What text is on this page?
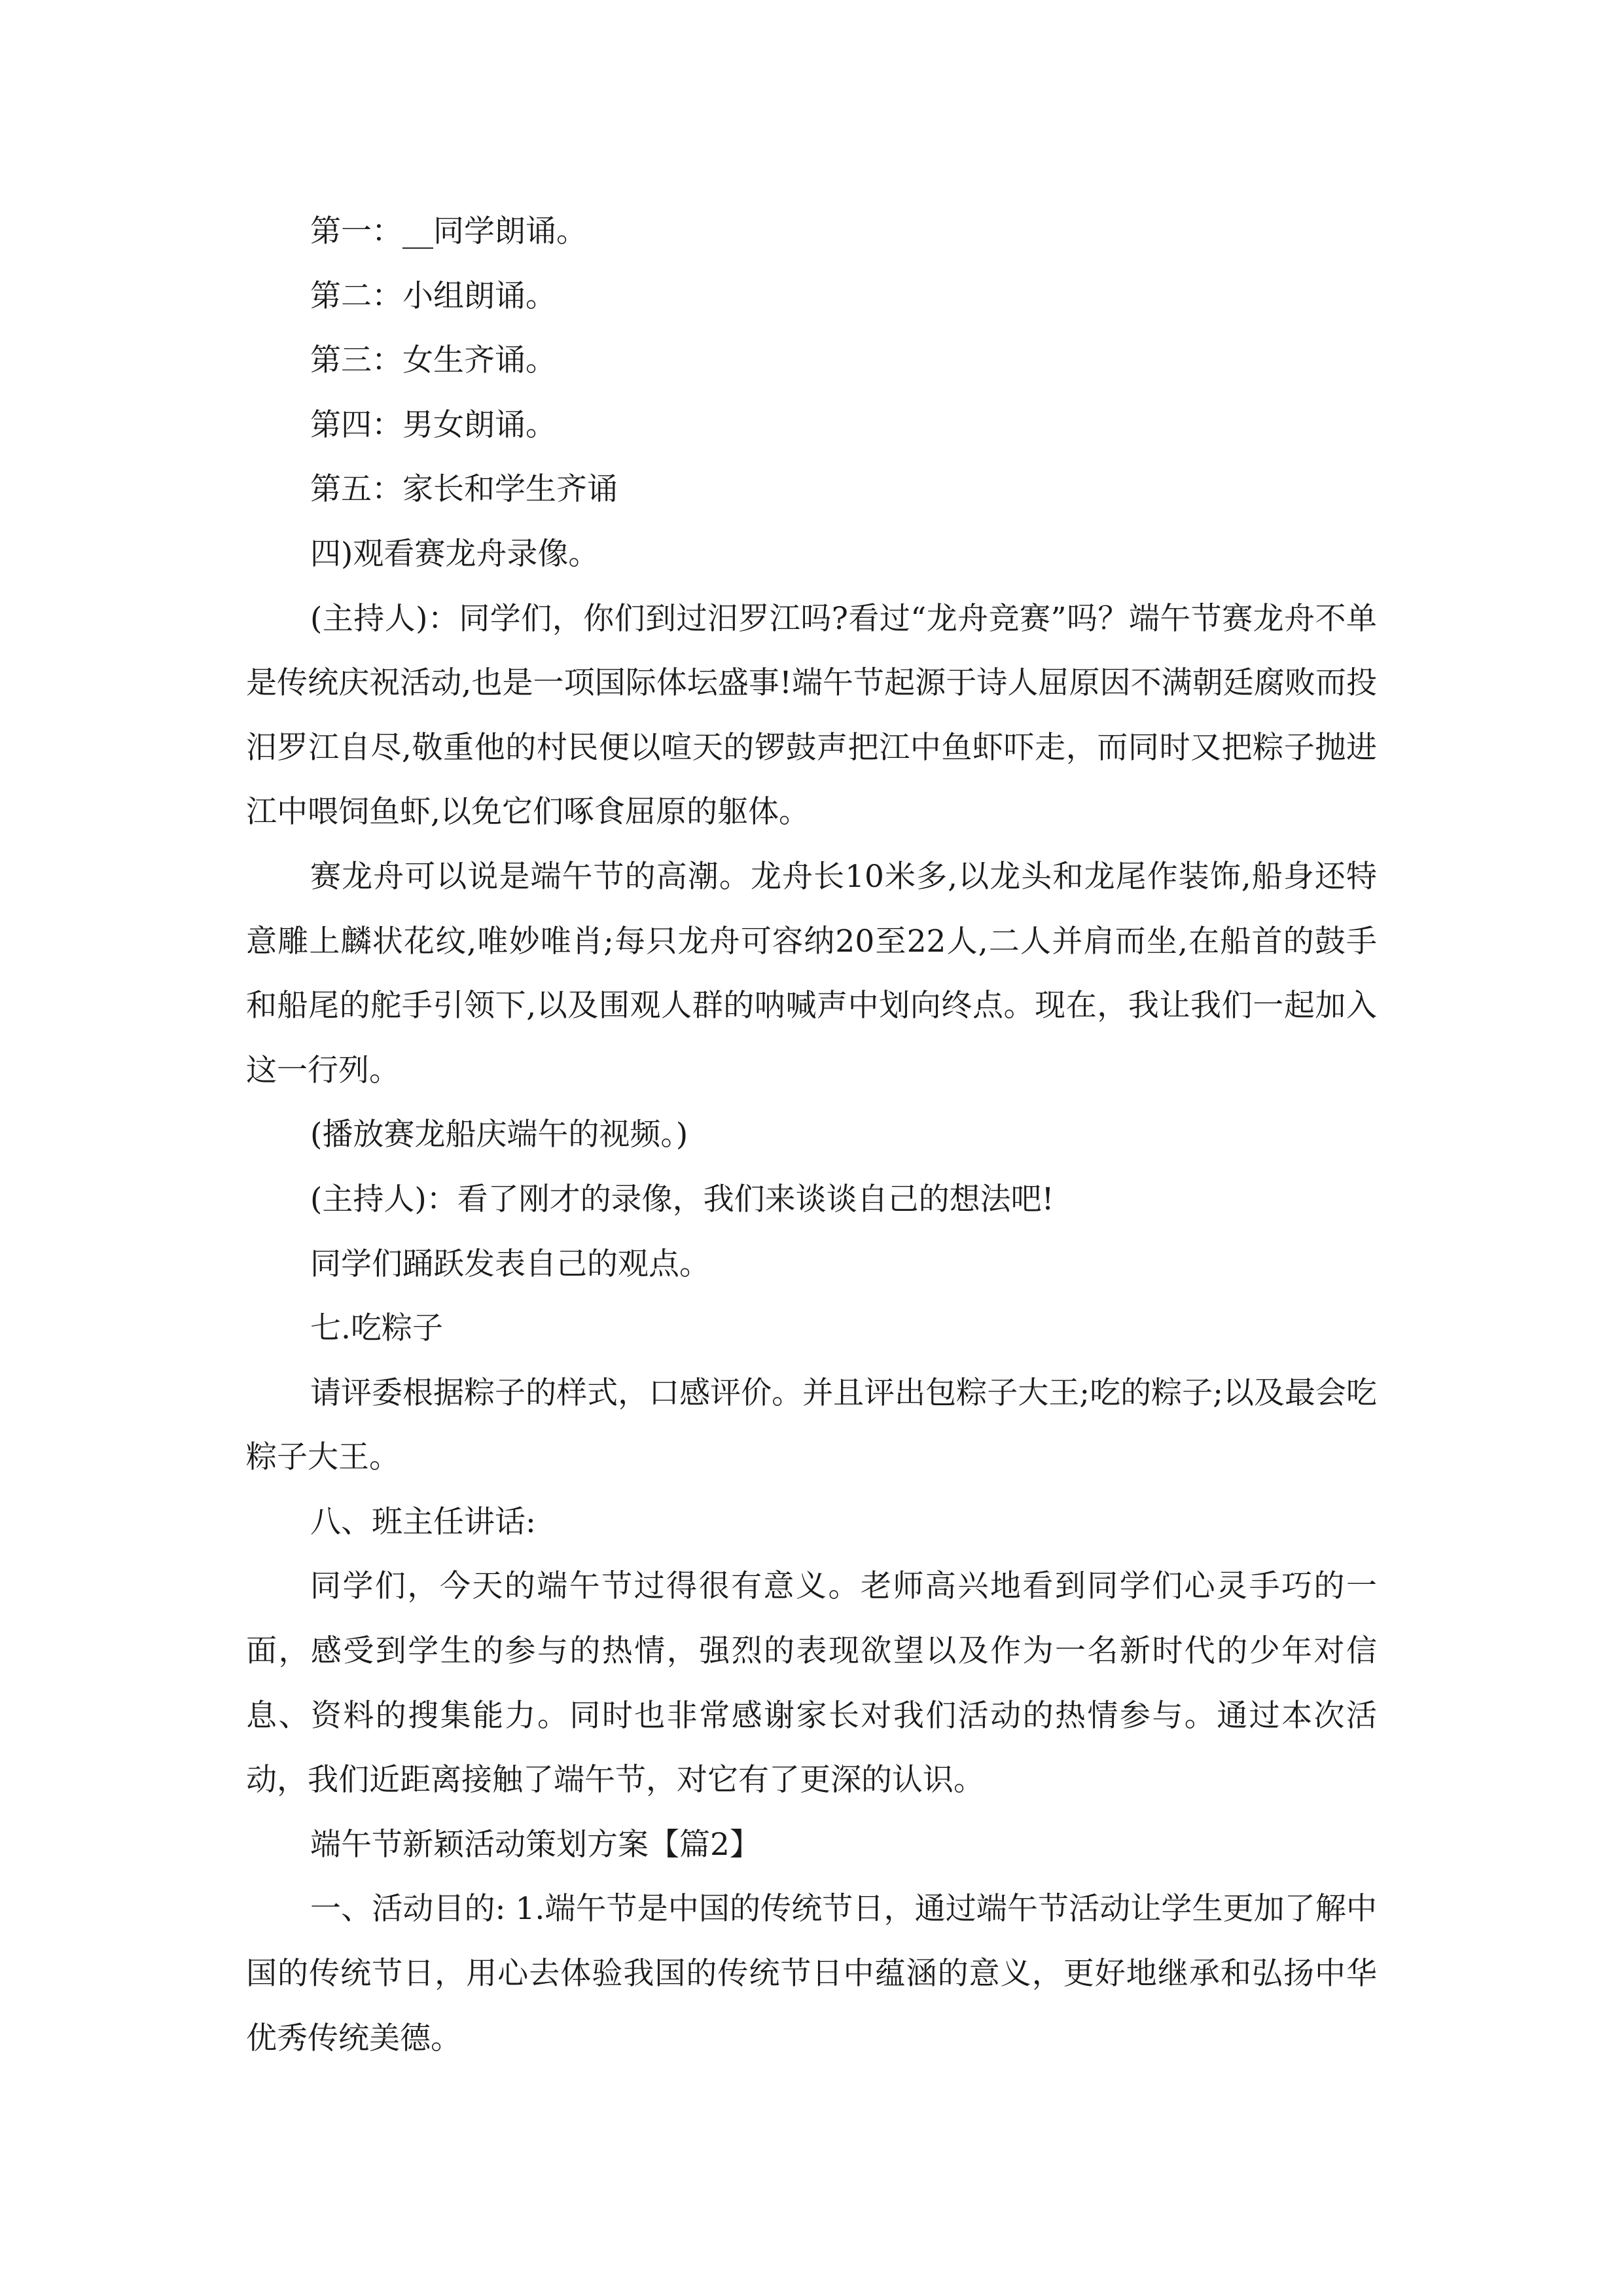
第一：__同学朗诵。

第二：小组朗诵。

第三：女生齐诵。

第四：男女朗诵。

第五：家长和学生齐诵

四)观看赛龙舟录像。

(主持人)：同学们，你们到过汨罗江吗?看过“龙舟竞赛”吗？端午节赛龙舟不单是传统庆祝活动,也是一项国际体坛盛事!端午节起源于诗人屈原因不满朝廷腐败而投汨罗江自尽,敬重他的村民便以喧天的锣鼓声把江中鱼虾吓走，而同时又把粽子抛进江中喂饲鱼虾,以免它们啄食屈原的躯体。

赛龙舟可以说是端午节的高潮。龙舟长10米多,以龙头和龙尾作装饰,船身还特意雕上麟状花纹,唯妙唯肖;每只龙舟可容纳20至22人,二人并肩而坐,在船首的鼓手和船尾的舵手引领下,以及围观人群的呐喊声中划向终点。现在，我让我们一起加入这一行列。

(播放赛龙船庆端午的视频。)

(主持人)：看了刚才的录像，我们来谈谈自己的想法吧!

同学们踊跃发表自己的观点。

七.吃粽子

请评委根据粽子的样式，口感评价。并且评出包粽子大王;吃的粽子;以及最会吃粽子大王。

八、班主任讲话:

同学们，今天的端午节过得很有意义。老师高兴地看到同学们心灵手巧的一面，感受到学生的参与的热情，强烈的表现欲望以及作为一名新时代的少年对信息、资料的搜集能力。同时也非常感谢家长对我们活动的热情参与。通过本次活动，我们近距离接触了端午节，对它有了更深的认识。

端午节新颖活动策划方案【篇2】

一、活动目的: 1.端午节是中国的传统节日，通过端午节活动让学生更加了解中国的传统节日，用心去体验我国的传统节日中蕴涵的意义，更好地继承和弘扬中华优秀传统美德。
